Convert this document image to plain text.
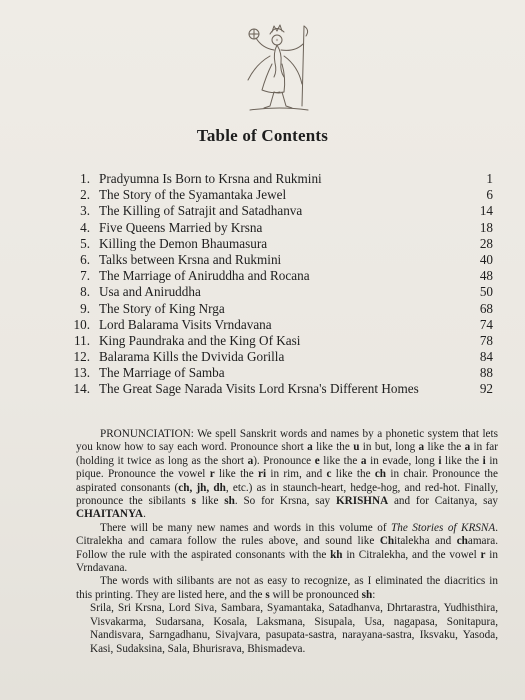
Table of Contents
1. Pradyumna Is Born to Krsna and Rukmini	1
2. The Story of the Syamantaka Jewel	6
3. The Killing of Satrajit and Satadhanva	14
4. Five Queens Married by Krsna	18
5. Killing the Demon Bhaumasura	28
6. Talks between Krsna and Rukmini	40
7. The Marriage of Aniruddha and Rocana	48
8. Usa and Aniruddha	50
9. The Story of King Nrga	68
10. Lord Balarama Visits Vrndavana	74
11. King Paundraka and the King Of Kasi	78
12. Balarama Kills the Dvivida Gorilla	84
13. The Marriage of Samba	88
14. The Great Sage Narada Visits Lord Krsna's Different Homes	92

PRONUNCIATION: We spell Sanskrit words and names by a phonetic system that lets you know how to say each word. Pronounce short a like the u in but, long a like the a in far (holding it twice as long as the short a). Pronounce e like the a in evade, long i like the i in pique. Pronounce the vowel r like the ri in rim, and c like the ch in chair. Pronounce the aspirated consonants (ch, jh, dh, etc.) as in staunch-heart, hedge-hog, and red-hot. Finally, pronounce the sibilants s like sh. So for Krsna, say KRISHNA and for Caitanya, say CHAITANYA.

There will be many new names and words in this volume of The Stories of KRSNA. Citralekha and camara follow the rules above, and sound like Chitalekha and chamara. Follow the rule with the aspirated consonants with the kh in Citralekha, and the vowel r in Vrndavana.

The words with silibants are not as easy to recognize, as I eliminated the diacritics in this printing. They are listed here, and the s will be pronounced sh:

Srila, Sri Krsna, Lord Siva, Sambara, Syamantaka, Satadhanva, Dhrtarastra, Yudhisthira, Visvakarma, Sudarsana, Kosala, Laksmana, Sisupala, Usa, nagapasa, Sonitapura, Nandisvara, Sarngadhanu, Sivajvara, pasupata-sastra, narayana-sastra, Iksvaku, Yasoda, Kasi, Sudaksina, Sala, Bhurisrava, Bhismadeva.
